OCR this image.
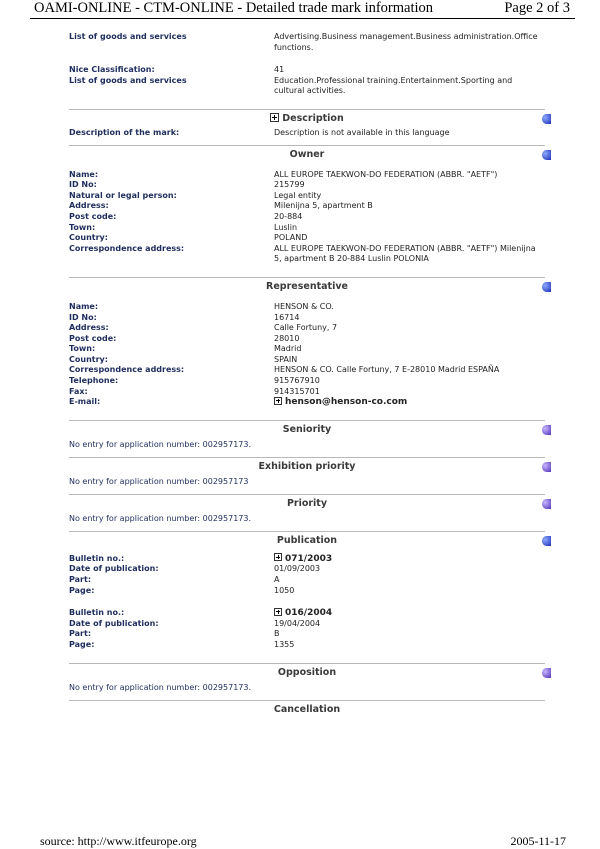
OAMI-ONLINE - CTM-ONLINE - Detailed trade mark information	Page 2 of 3
List of goods and services	Advertising.Business management.Business administration.Office functions.
Nice Classification:	41
List of goods and services	Education.Professional training.Entertainment.Sporting and cultural activities.
Description
Description of the mark:	Description is not available in this language
Owner
Name:	ALL EUROPE TAEKWON-DO FEDERATION (ABBR. "AETF")
ID No:	215799
Natural or legal person:	Legal entity
Address:	Milenijna 5, apartment B
Post code:	20-884
Town:	Luslin
Country:	POLAND
Correspondence address:	ALL EUROPE TAEKWON-DO FEDERATION (ABBR. "AETF") Milenijna 5, apartment B 20-884 Luslin POLONIA
Representative
Name:	HENSON & CO.
ID No:	16714
Address:	Calle Fortuny, 7
Post code:	28010
Town:	Madrid
Country:	SPAIN
Correspondence address:	HENSON & CO. Calle Fortuny, 7 E-28010 Madrid ESPAÑA
Telephone:	915767910
Fax:	914315701
E-mail:	henson@henson-co.com
Seniority
No entry for application number: 002957173.
Exhibition priority
No entry for application number: 002957173
Priority
No entry for application number: 002957173.
Publication
Bulletin no.:	071/2003
Date of publication:	01/09/2003
Part:	A
Page:	1050
Bulletin no.:	016/2004
Date of publication:	19/04/2004
Part:	B
Page:	1355
Opposition
No entry for application number: 002957173.
Cancellation
source: http://www.itfeurope.org	2005-11-17
